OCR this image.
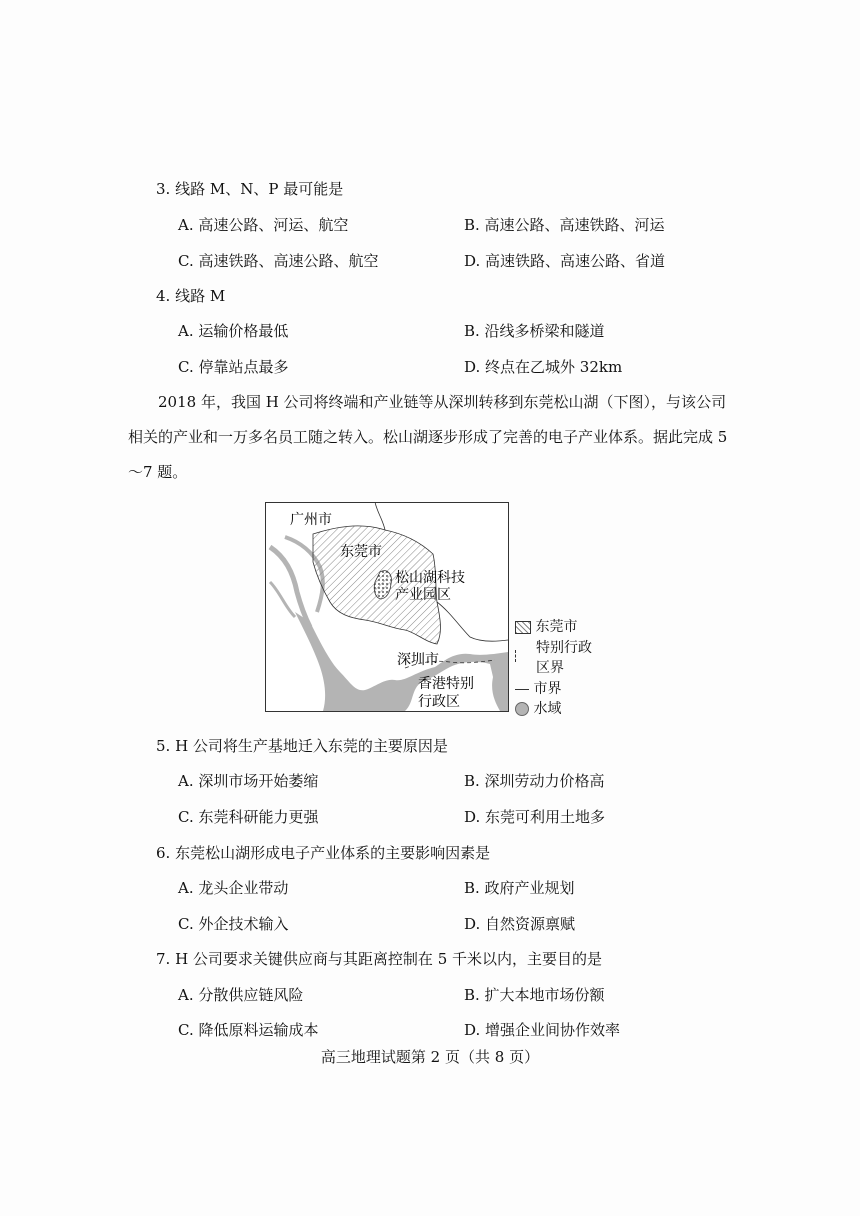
3. 线路 M、N、P 最可能是
A. 高速公路、河运、航空	B. 高速公路、高速铁路、河运
C. 高速铁路、高速公路、航空	D. 高速铁路、高速公路、省道
4. 线路 M
A. 运输价格最低	B. 沿线多桥梁和隧道
C. 停靠站点最多	D. 终点在乙城外 32km
2018 年，我国 H 公司将终端和产业链等从深圳转移到东莞松山湖（下图），与该公司
相关的产业和一万多名员工随之转入。松山湖逐步形成了完善的电子产业体系。据此完成 5
～7 题。
广州市
东莞市
松山湖科技
产业园区
深圳市
香港特别
行政区
东莞市
特别行政
区界
市界
水域
5. H 公司将生产基地迁入东莞的主要原因是
A. 深圳市场开始萎缩	B. 深圳劳动力价格高
C. 东莞科研能力更强	D. 东莞可利用土地多
6. 东莞松山湖形成电子产业体系的主要影响因素是
A. 龙头企业带动	B. 政府产业规划
C. 外企技术输入	D. 自然资源禀赋
7. H 公司要求关键供应商与其距离控制在 5 千米以内，主要目的是
A. 分散供应链风险	B. 扩大本地市场份额
C. 降低原料运输成本	D. 增强企业间协作效率
高三地理试题第 2 页（共 8 页）
